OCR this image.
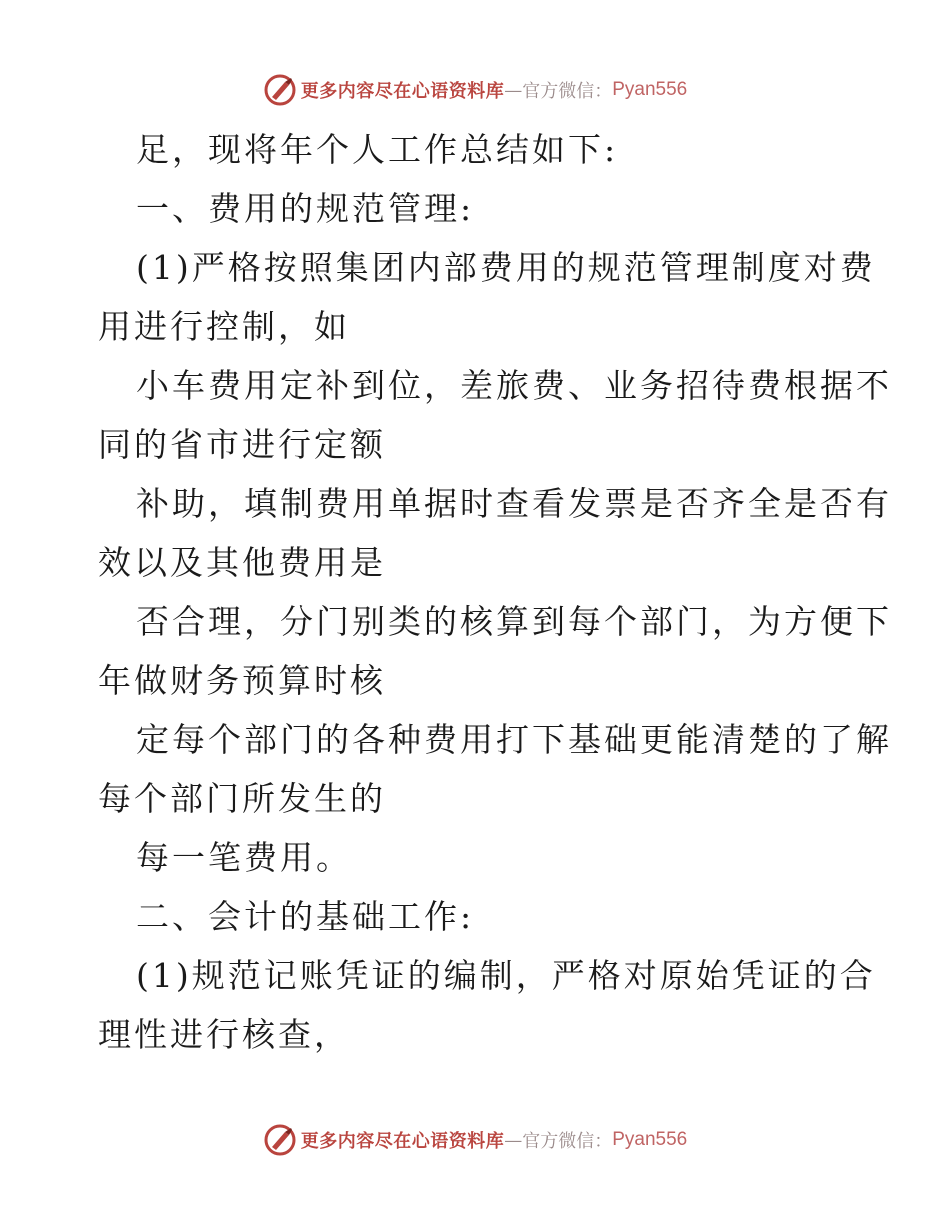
更多内容尽在心语资料库 — 官方微信： Pyan556
足，现将年个人工作总结如下:
一、费用的规范管理:
(1)严格按照集团内部费用的规范管理制度对费
用进行控制，如
小车费用定补到位，差旅费、业务招待费根据不
同的省市进行定额
补助，填制费用单据时查看发票是否齐全是否有
效以及其他费用是
否合理，分门别类的核算到每个部门，为方便下
年做财务预算时核
定每个部门的各种费用打下基础更能清楚的了解
每个部门所发生的
每一笔费用。
二、会计的基础工作:
(1)规范记账凭证的编制，严格对原始凭证的合
理性进行核查，
更多内容尽在心语资料库 — 官方微信： Pyan556
